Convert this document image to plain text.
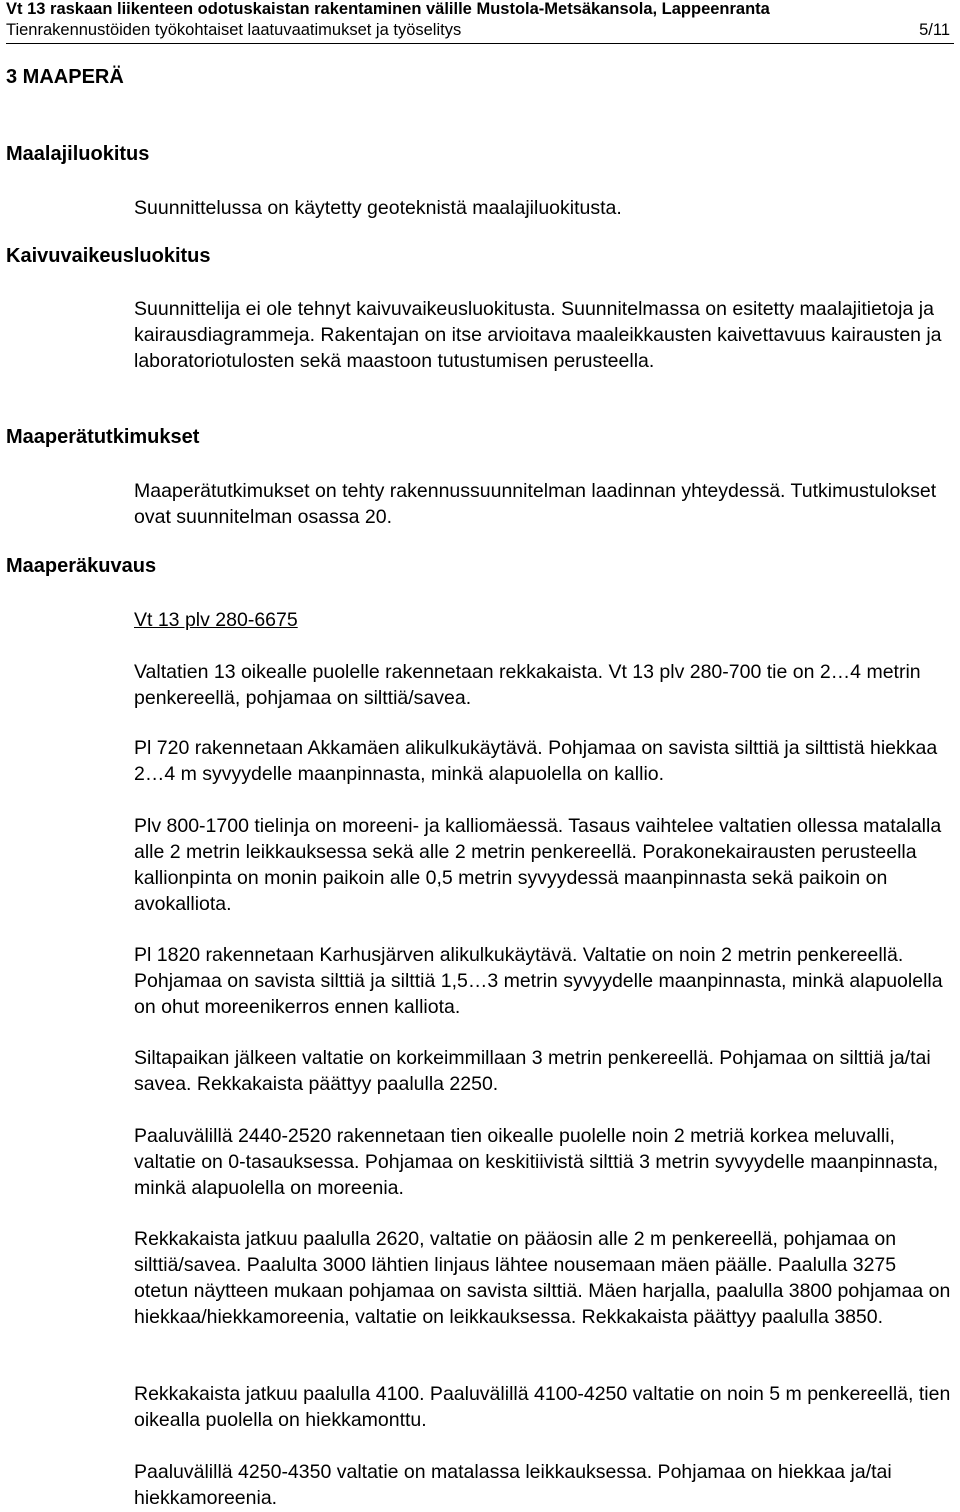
Vt 13 raskaan liikenteen odotuskaistan rakentaminen välille Mustola-Metsäkansola, Lappeenranta
Tienrakennustöiden työkohtaiset laatuvaatimukset ja työselitys	5/11
3 MAAPERÄ
Maalajiluokitus

Suunnittelussa on käytetty geoteknistä maalajiluokitusta.

Kaivuvaikeusluokitus

Suunnittelija ei ole tehnyt kaivuvaikeusluokitusta. Suunnitelmassa on esitetty maalajitietoja ja kairausdiagrammeja. Rakentajan on itse arvioitava maaleikkausten kaivettavuus kairausten ja laboratoriotulosten sekä maastoon tutustumisen perusteella.

Maaperätutkimukset

Maaperätutkimukset on tehty rakennussuunnitelman laadinnan yhteydessä. Tutkimustulokset ovat suunnitelman osassa 20.

Maaperäkuvaus
Vt 13 plv 280-6675

Valtatien 13 oikealle puolelle rakennetaan rekkakaista. Vt 13 plv 280-700 tie on 2…4 metrin penkereellä, pohjamaa on silttiä/savea.

Pl 720 rakennetaan Akkamäen alikulkukäytävä. Pohjamaa on savista silttiä ja silttistä hiekkaa 2…4 m syvyydelle maanpinnasta, minkä alapuolella on kallio.

Plv 800-1700 tielinja on moreeni- ja kalliomäessä. Tasaus vaihtelee valtatien ollessa matalalla alle 2 metrin leikkauksessa sekä alle 2 metrin penkereellä. Porakonekairausten perusteella kallionpinta on monin paikoin alle 0,5 metrin syvyydessä maanpinnasta sekä paikoin on avokalliota.

Pl 1820 rakennetaan Karhusjärven alikulkukäytävä. Valtatie on noin 2 metrin penkereellä. Pohjamaa on savista silttiä ja silttiä 1,5…3 metrin syvyydelle maanpinnasta, minkä alapuolella on ohut moreenikerros ennen kalliota.

Siltapaikan jälkeen valtatie on korkeimmillaan 3 metrin penkereellä. Pohjamaa on silttiä ja/tai savea. Rekkakaista päättyy paalulla 2250.

Paaluvälillä 2440-2520 rakennetaan tien oikealle puolelle noin 2 metriä korkea meluvalli, valtatie on 0-tasauksessa. Pohjamaa on keskitiivistä silttiä 3 metrin syvyydelle maanpinnasta, minkä alapuolella on moreenia.

Rekkakaista jatkuu paalulla 2620, valtatie on pääosin alle 2 m penkereellä, pohjamaa on silttiä/savea. Paalulta 3000 lähtien linjaus lähtee nousemaan mäen päälle. Paalulla 3275 otetun näytteen mukaan pohjamaa on savista silttiä. Mäen harjalla, paalulla 3800 pohjamaa on hiekkaa/hiekkamoreenia, valtatie on leikkauksessa. Rekkakaista päättyy paalulla 3850.

Rekkakaista jatkuu paalulla 4100. Paaluvälillä 4100-4250 valtatie on noin 5 m penkereellä, tien oikealla puolella on hiekkamonttu.

Paaluvälillä 4250-4350 valtatie on matalassa leikkauksessa. Pohjamaa on hiekkaa ja/tai hiekkamoreenia.
